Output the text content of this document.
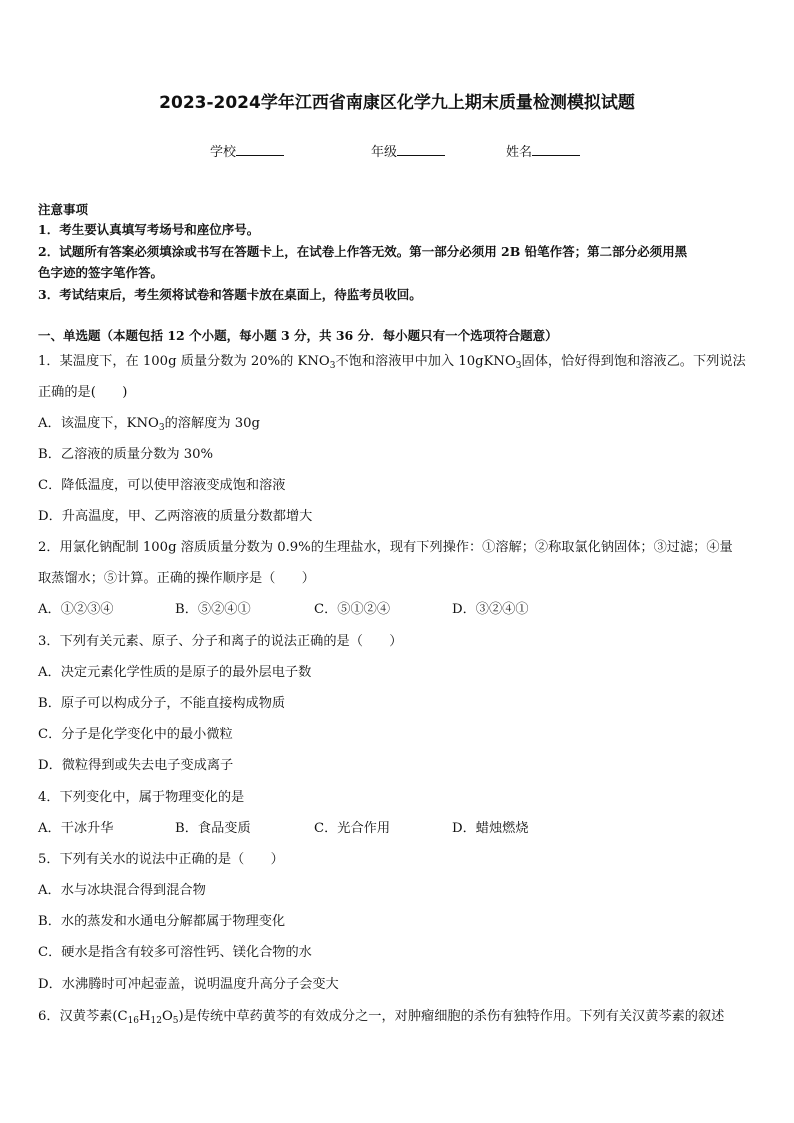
2023-2024学年江西省南康区化学九上期末质量检测模拟试题
学校	年级	姓名
注意事项
1．考生要认真填写考场号和座位序号。
2．试题所有答案必须填涂或书写在答题卡上，在试卷上作答无效。第一部分必须用 2B 铅笔作答；第二部分必须用黑
色字迹的签字笔作答。
3．考试结束后，考生须将试卷和答题卡放在桌面上，待监考员收回。
一、单选题（本题包括 12 个小题，每小题 3 分，共 36 分．每小题只有一个选项符合题意）
1．某温度下，在 100g 质量分数为 20%的 $KNO_3$不饱和溶液甲中加入 10gKNO$_3$固体，恰好得到饱和溶液乙。下列说法
正确的是(　　)
A．该温度下，$KNO_3$的溶解度为 30g
B．乙溶液的质量分数为 30%
C．降低温度，可以使甲溶液变成饱和溶液
D．升高温度，甲、乙两溶液的质量分数都增大
2．用氯化钠配制 100g 溶质质量分数为 0.9%的生理盐水，现有下列操作：①溶解；②称取氯化钠固体；③过滤；④量
取蒸馏水；⑤计算。正确的操作顺序是（　　）
A．①②③④	B．⑤②④①	C．⑤①②④	D．③②④①
3．下列有关元素、原子、分子和离子的说法正确的是（　　）
A．决定元素化学性质的是原子的最外层电子数
B．原子可以构成分子，不能直接构成物质
C．分子是化学变化中的最小微粒
D．微粒得到或失去电子变成离子
4．下列变化中，属于物理变化的是
A．干冰升华	B．食品变质	C．光合作用	D．蜡烛燃烧
5．下列有关水的说法中正确的是（　　）
A．水与冰块混合得到混合物
B．水的蒸发和水通电分解都属于物理变化
C．硬水是指含有较多可溶性钙、镁化合物的水
D．水沸腾时可冲起壶盖，说明温度升高分子会变大
6．汉黄芩素$(C_{16}H_{12}O_5)$是传统中草药黄芩的有效成分之一，对肿瘤细胞的杀伤有独特作用。下列有关汉黄芩素的叙述
